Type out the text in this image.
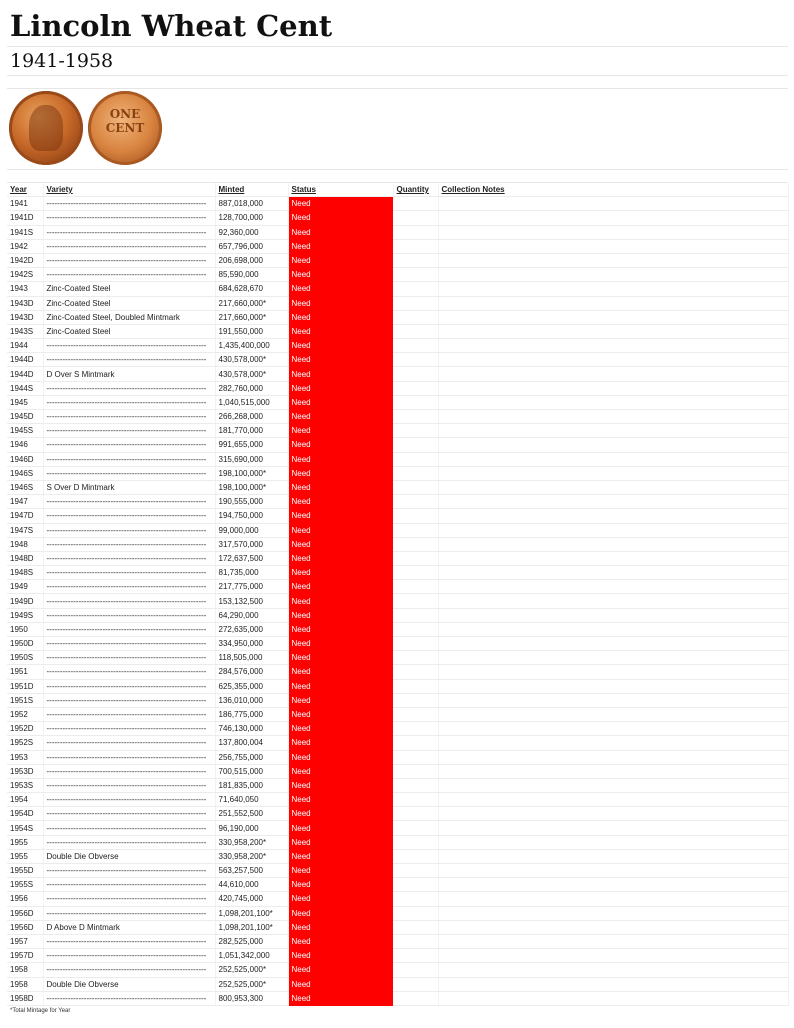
Lincoln Wheat Cent
1941-1958
ONE
CENT
Year	Variety	Minted	Status	Quantity	Collection Notes
1941	------------------------------------------------------------	887,018,000	Need		
1941D	------------------------------------------------------------	128,700,000	Need		
1941S	------------------------------------------------------------	92,360,000	Need		
1942	------------------------------------------------------------	657,796,000	Need		
1942D	------------------------------------------------------------	206,698,000	Need		
1942S	------------------------------------------------------------	85,590,000	Need		
1943	Zinc-Coated Steel	684,628,670	Need		
1943D	Zinc-Coated Steel	217,660,000*	Need		
1943D	Zinc-Coated Steel, Doubled Mintmark	217,660,000*	Need		
1943S	Zinc-Coated Steel	191,550,000	Need		
1944	------------------------------------------------------------	1,435,400,000	Need		
1944D	------------------------------------------------------------	430,578,000*	Need		
1944D	D Over S Mintmark	430,578,000*	Need		
1944S	------------------------------------------------------------	282,760,000	Need		
1945	------------------------------------------------------------	1,040,515,000	Need		
1945D	------------------------------------------------------------	266,268,000	Need		
1945S	------------------------------------------------------------	181,770,000	Need		
1946	------------------------------------------------------------	991,655,000	Need		
1946D	------------------------------------------------------------	315,690,000	Need		
1946S	------------------------------------------------------------	198,100,000*	Need		
1946S	S Over D Mintmark	198,100,000*	Need		
1947	------------------------------------------------------------	190,555,000	Need		
1947D	------------------------------------------------------------	194,750,000	Need		
1947S	------------------------------------------------------------	99,000,000	Need		
1948	------------------------------------------------------------	317,570,000	Need		
1948D	------------------------------------------------------------	172,637,500	Need		
1948S	------------------------------------------------------------	81,735,000	Need		
1949	------------------------------------------------------------	217,775,000	Need		
1949D	------------------------------------------------------------	153,132,500	Need		
1949S	------------------------------------------------------------	64,290,000	Need		
1950	------------------------------------------------------------	272,635,000	Need		
1950D	------------------------------------------------------------	334,950,000	Need		
1950S	------------------------------------------------------------	118,505,000	Need		
1951	------------------------------------------------------------	284,576,000	Need		
1951D	------------------------------------------------------------	625,355,000	Need		
1951S	------------------------------------------------------------	136,010,000	Need		
1952	------------------------------------------------------------	186,775,000	Need		
1952D	------------------------------------------------------------	746,130,000	Need		
1952S	------------------------------------------------------------	137,800,004	Need		
1953	------------------------------------------------------------	256,755,000	Need		
1953D	------------------------------------------------------------	700,515,000	Need		
1953S	------------------------------------------------------------	181,835,000	Need		
1954	------------------------------------------------------------	71,640,050	Need		
1954D	------------------------------------------------------------	251,552,500	Need		
1954S	------------------------------------------------------------	96,190,000	Need		
1955	------------------------------------------------------------	330,958,200*	Need		
1955	Double Die Obverse	330,958,200*	Need		
1955D	------------------------------------------------------------	563,257,500	Need		
1955S	------------------------------------------------------------	44,610,000	Need		
1956	------------------------------------------------------------	420,745,000	Need		
1956D	------------------------------------------------------------	1,098,201,100*	Need		
1956D	D Above D Mintmark	1,098,201,100*	Need		
1957	------------------------------------------------------------	282,525,000	Need		
1957D	------------------------------------------------------------	1,051,342,000	Need		
1958	------------------------------------------------------------	252,525,000*	Need		
1958	Double Die Obverse	252,525,000*	Need		
1958D	------------------------------------------------------------	800,953,300	Need		
*Total Mintage for Year
